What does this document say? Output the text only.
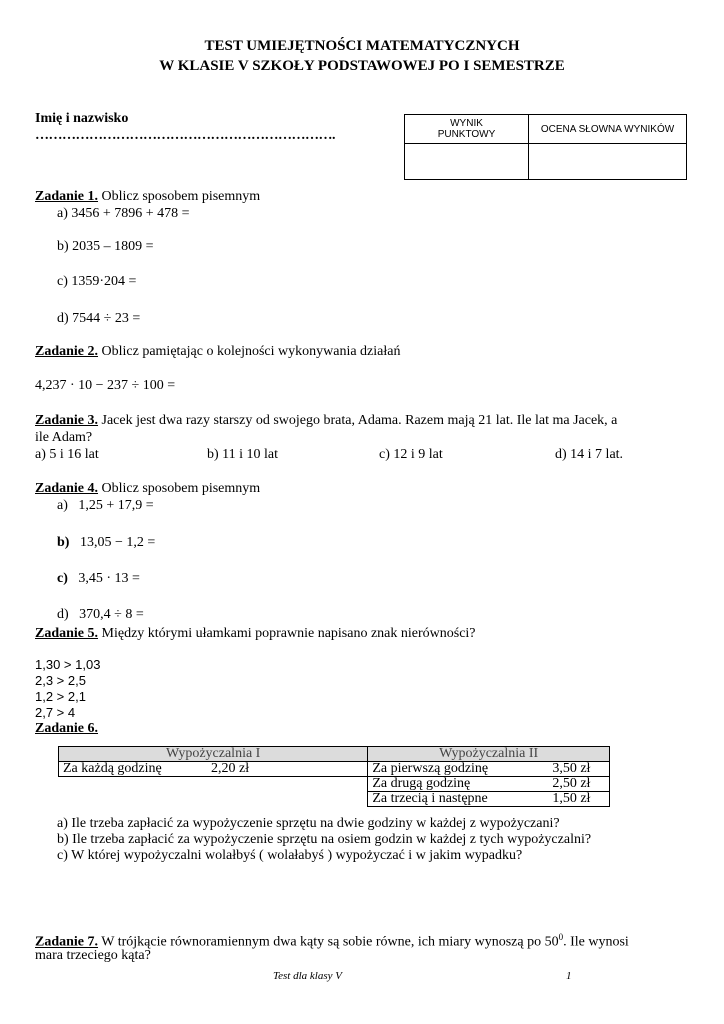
TEST UMIEJĘTNOŚCI MATEMATYCZNYCH
W KLASIE V SZKOŁY PODSTAWOWEJ PO I SEMESTRZE
Imię i nazwisko
………………………………………………………….
WYNIK
PUNKTOWY	OCENA SŁOWNA WYNIKÓW

Zadanie 1. Oblicz sposobem pisemnym
a) 3456 + 7896 + 478 =
b) 2035 – 1809 =
c) 1359·204 =
d) 7544 ÷ 23 =
Zadanie 2. Oblicz pamiętając o kolejności wykonywania działań
4,237 · 10 − 237 ÷ 100 =
Zadanie 3. Jacek jest dwa razy starszy od swojego brata, Adama. Razem mają 21 lat. Ile lat ma Jacek, a
ile Adam?
a) 5 i 16 lat	b) 11 i 10 lat	c) 12 i 9 lat	d) 14 i 7 lat.
Zadanie 4. Oblicz sposobem pisemnym
a) 1,25 + 17,9 =
b) 13,05 − 1,2 =
c) 3,45 · 13 =
d) 370,4 ÷ 8 =
Zadanie 5. Między którymi ułamkami poprawnie napisano znak nierówności?
1,30 > 1,03
2,3 > 2,5
1,2 > 2,1
2,7 > 4
Zadanie 6.
Wypożyczalnia I		Wypożyczalnia II	
Za każdą godzinę	2,20 zł	Za pierwszą godzinę	3,50 zł
		Za drugą godzinę	2,50 zł
		Za trzecią i następne	1,50 zł
a) Ile trzeba zapłacić za wypożyczenie sprzętu na dwie godziny w każdej z wypożyczani?
b) Ile trzeba zapłacić za wypożyczenie sprzętu na osiem godzin w każdej z tych wypożyczalni?
c) W której wypożyczalni wolałbyś ( wolałabyś ) wypożyczać i w jakim wypadku?
Zadanie 7. W trójkącie równoramiennym dwa kąty są sobie równe, ich miary wynoszą po $50^0$. Ile wynosi
mara trzeciego kąta?
Test dla klasy V	1
